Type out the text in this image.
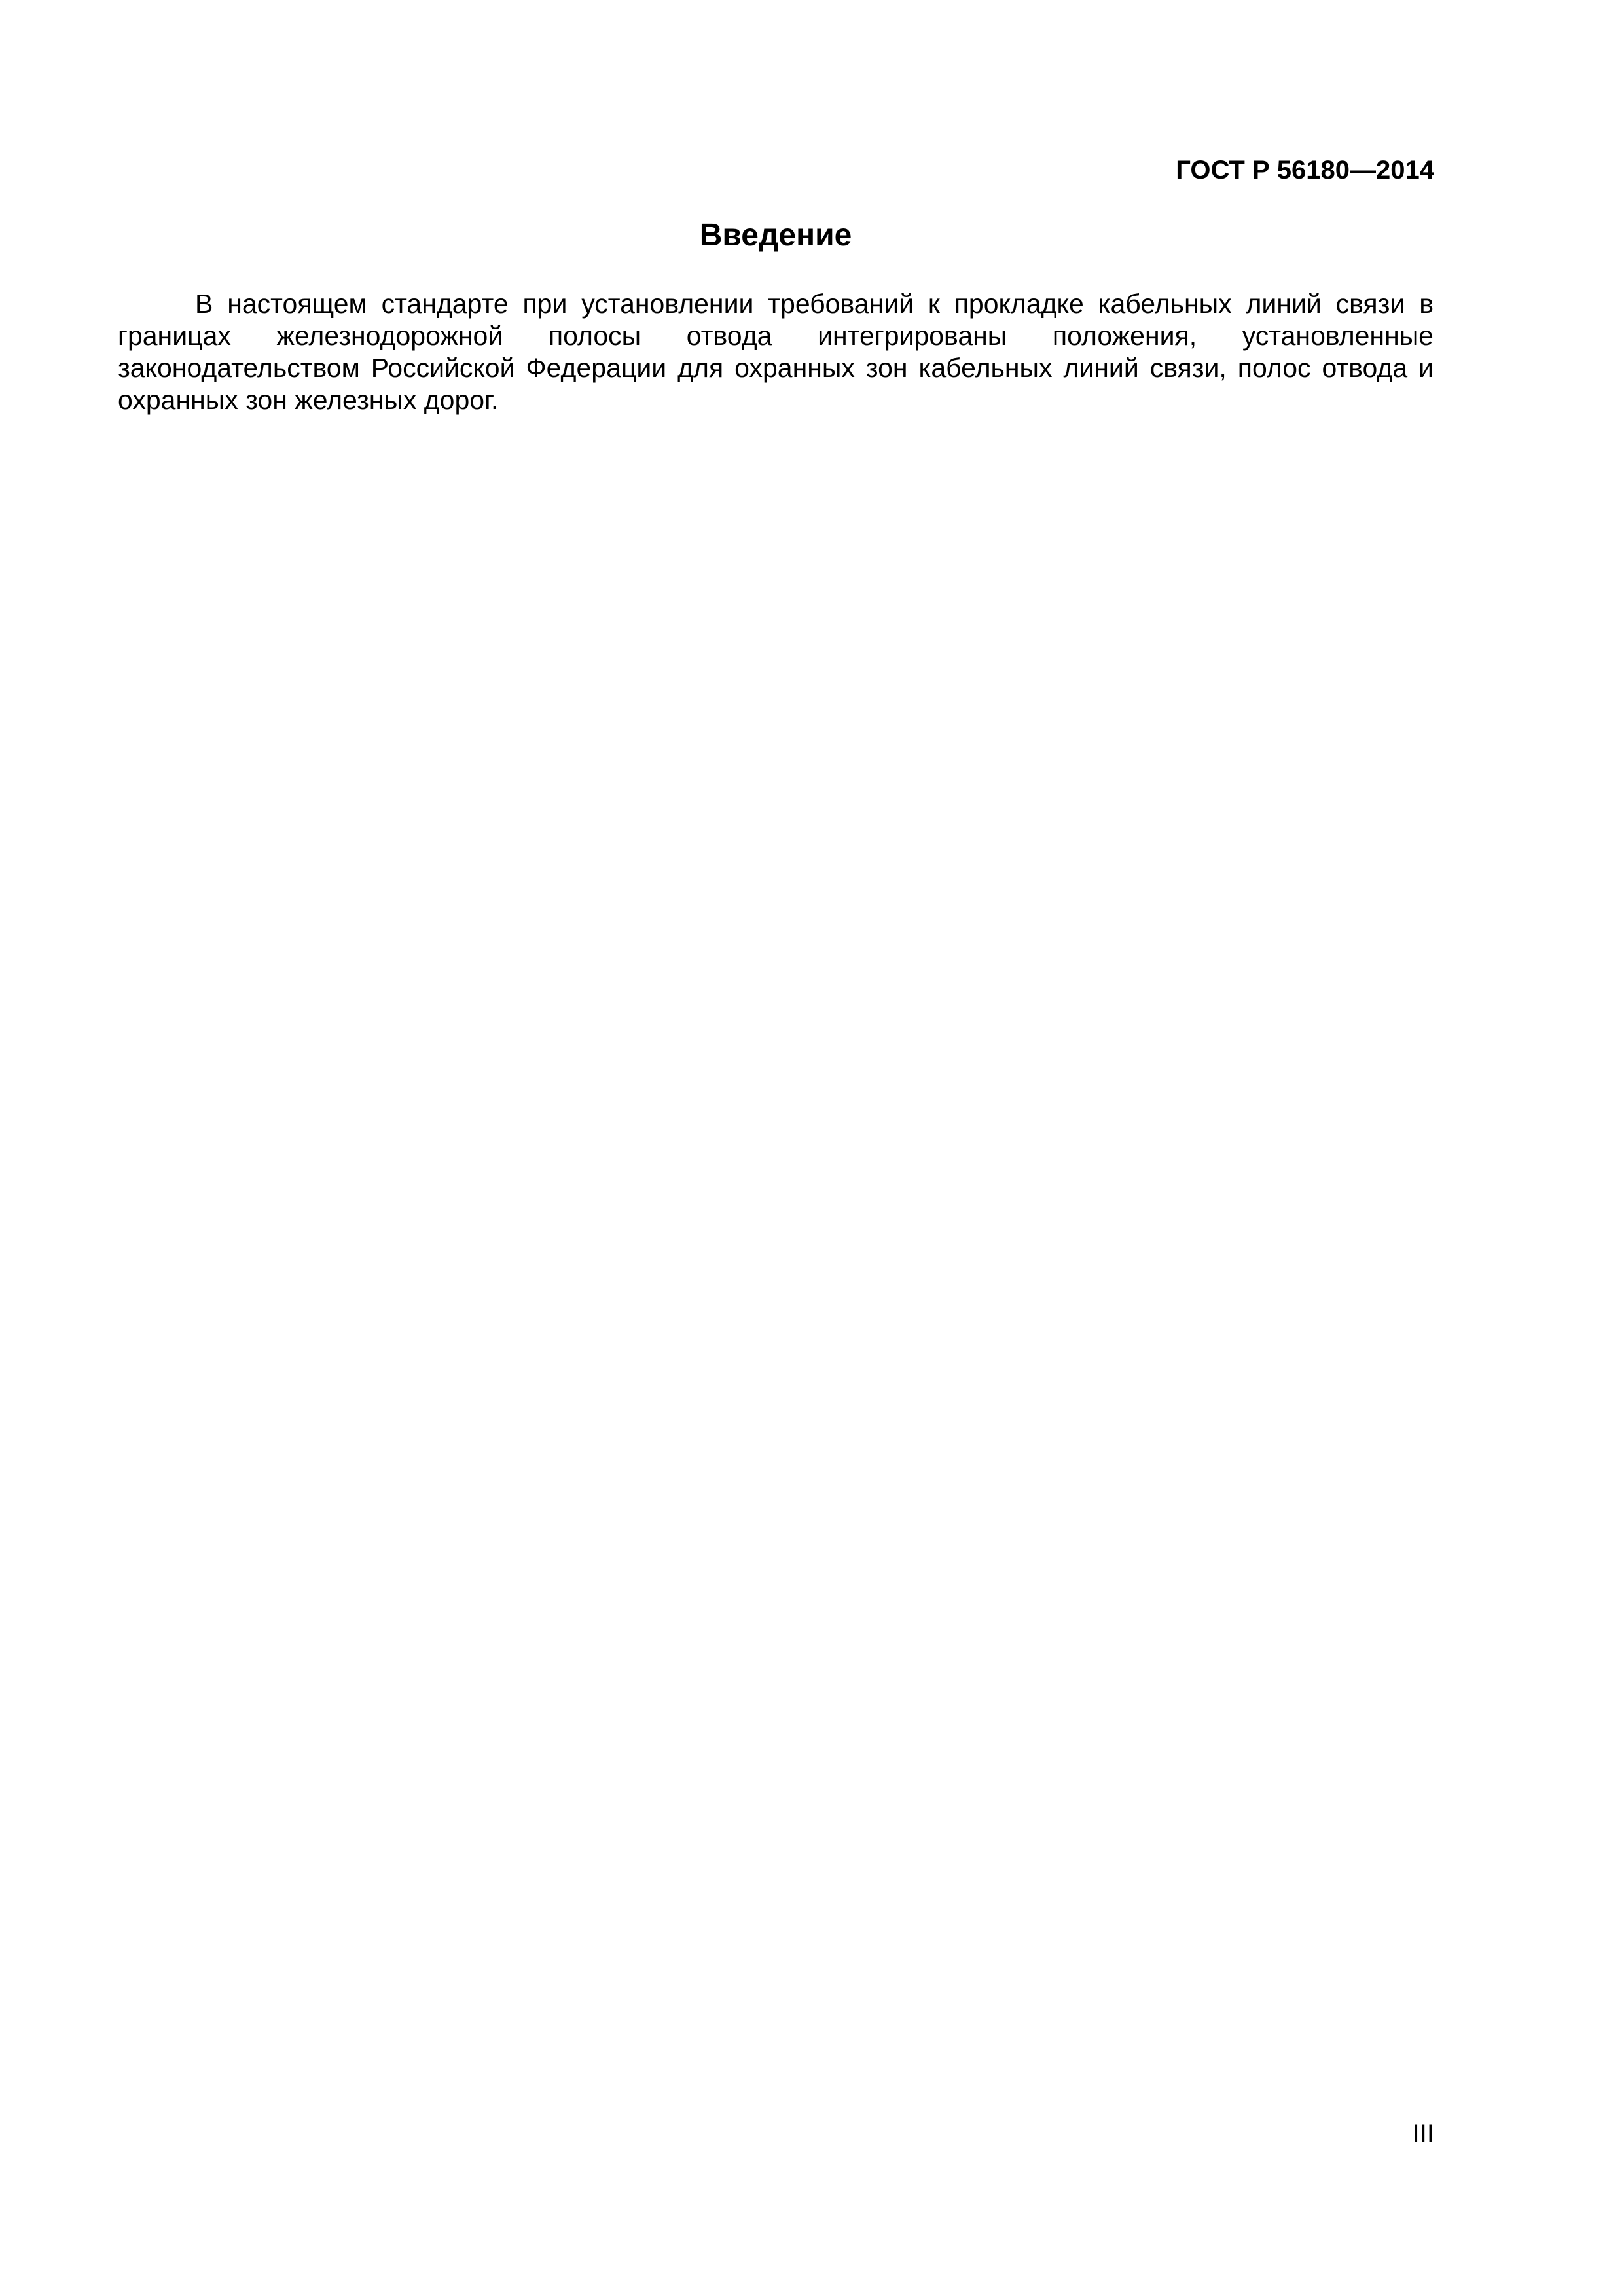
ГОСТ Р 56180—2014
Введение

В настоящем стандарте при установлении требований к прокладке кабельных линий связи в границах железнодорожной полосы отвода интегрированы положения, установленные законодательством Российской Федерации для охранных зон кабельных линий связи, полос отвода и охранных зон железных дорог.

III
